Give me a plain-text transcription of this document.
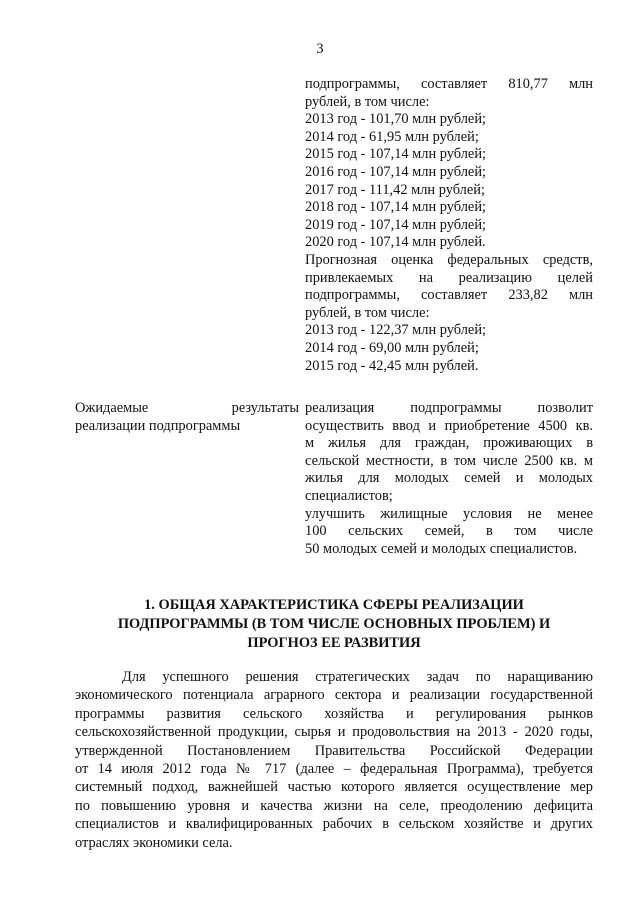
3
подпрограммы, составляет 810,77 млн
рублей, в том числе:
2013 год - 101,70 млн рублей;
2014 год - 61,95 млн рублей;
2015 год - 107,14 млн рублей;
2016 год - 107,14 млн рублей;
2017 год - 111,42 млн рублей;
2018 год - 107,14 млн рублей;
2019 год - 107,14 млн рублей;
2020 год - 107,14 млн рублей.
Прогнозная оценка федеральных средств,
привлекаемых на реализацию целей
подпрограммы, составляет 233,82 млн
рублей, в том числе:
2013 год - 122,37 млн рублей;
2014 год - 69,00 млн рублей;
2015 год - 42,45 млн рублей.
Ожидаемые результаты
реализации подпрограммы
реализация подпрограммы позволит
осуществить ввод и приобретение 4500 кв.
м жилья для граждан, проживающих в
сельской местности, в том числе 2500 кв. м
жилья для молодых семей и молодых
специалистов;
улучшить жилищные условия не менее
100 сельских семей, в том числе
50 молодых семей и молодых специалистов.
1. ОБЩАЯ ХАРАКТЕРИСТИКА СФЕРЫ РЕАЛИЗАЦИИ
ПОДПРОГРАММЫ (В ТОМ ЧИСЛЕ ОСНОВНЫХ ПРОБЛЕМ) И
ПРОГНОЗ ЕЕ РАЗВИТИЯ
Для успешного решения стратегических задач по наращиванию
экономического потенциала аграрного сектора и реализации государственной
программы развития сельского хозяйства и регулирования рынков
сельскохозяйственной продукции, сырья и продовольствия на 2013 - 2020 годы,
утвержденной Постановлением Правительства Российской Федерации
от 14 июля 2012 года № 717 (далее – федеральная Программа), требуется
системный подход, важнейшей частью которого является осуществление мер
по повышению уровня и качества жизни на селе, преодолению дефицита
специалистов и квалифицированных рабочих в сельском хозяйстве и других
отраслях экономики села.
